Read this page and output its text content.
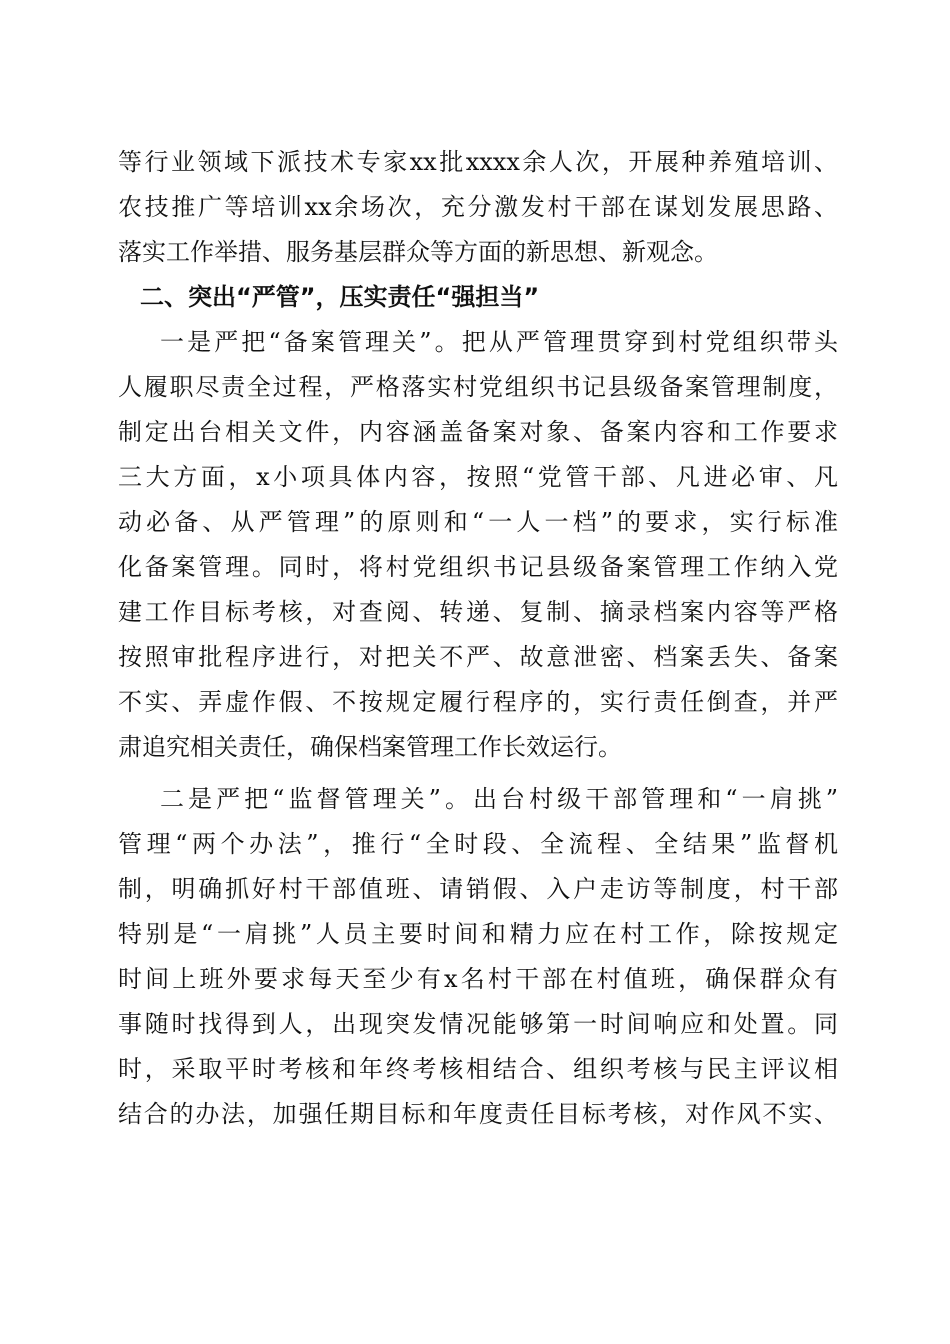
等行业领域下派技术专家xx批xxxx余人次，开展种养殖培训、
农技推广等培训xx余场次，充分激发村干部在谋划发展思路、
落实工作举措、服务基层群众等方面的新思想、新观念。
二、突出“严管”，压实责任“强担当”
一是严把“备案管理关”。把从严管理贯穿到村党组织带头
人履职尽责全过程，严格落实村党组织书记县级备案管理制度，
制定出台相关文件，内容涵盖备案对象、备案内容和工作要求
三大方面，x小项具体内容，按照“党管干部、凡进必审、凡
动必备、从严管理”的原则和“一人一档”的要求，实行标准
化备案管理。同时，将村党组织书记县级备案管理工作纳入党
建工作目标考核，对查阅、转递、复制、摘录档案内容等严格
按照审批程序进行，对把关不严、故意泄密、档案丢失、备案
不实、弄虚作假、不按规定履行程序的，实行责任倒查，并严
肃追究相关责任，确保档案管理工作长效运行。
二是严把“监督管理关”。出台村级干部管理和“一肩挑”
管理“两个办法”，推行“全时段、全流程、全结果”监督机
制，明确抓好村干部值班、请销假、入户走访等制度，村干部
特别是“一肩挑”人员主要时间和精力应在村工作，除按规定
时间上班外要求每天至少有x名村干部在村值班，确保群众有
事随时找得到人，出现突发情况能够第一时间响应和处置。同
时，采取平时考核和年终考核相结合、组织考核与民主评议相
结合的办法，加强任期目标和年度责任目标考核，对作风不实、
